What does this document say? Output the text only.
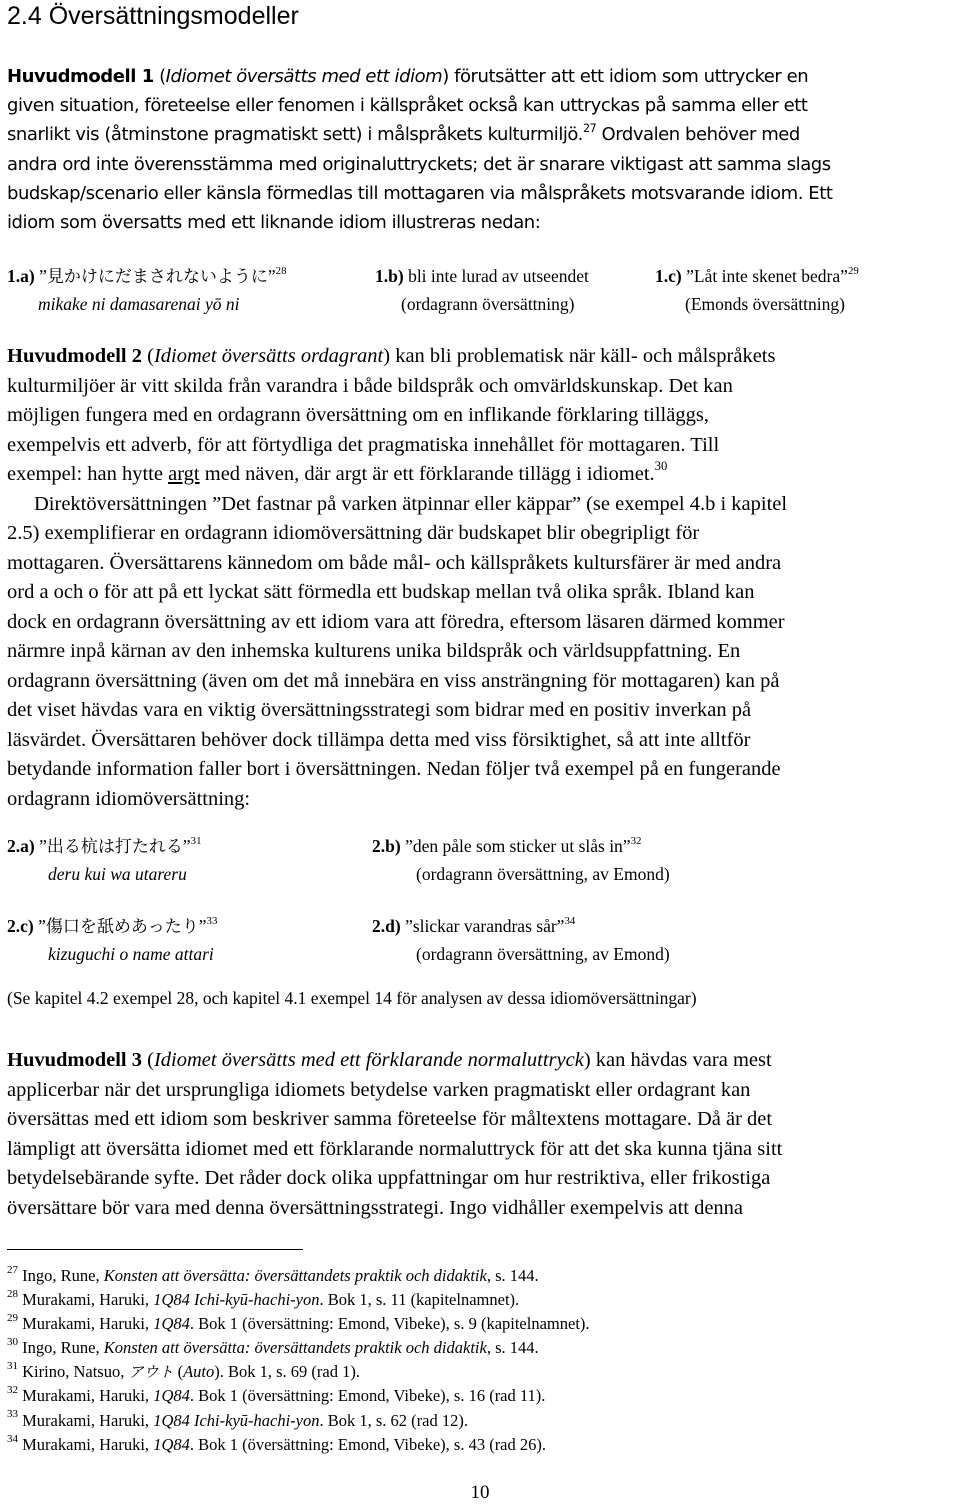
2.4 Översättningsmodeller

Huvudmodell 1 (Idiomet översätts med ett idiom) förutsätter att ett idiom som uttrycker en

given situation, företeelse eller fenomen i källspråket också kan uttryckas på samma eller ett

snarlikt vis (åtminstone pragmatiskt sett) i målspråkets kulturmiljö.$^{27}$ Ordvalen behöver med

andra ord inte överensstämma med originaluttryckets; det är snarare viktigast att samma slags

budskap/scenario eller känsla förmedlas till mottagaren via målspråkets motsvarande idiom. Ett

idiom som översatts med ett liknande idiom illustreras nedan:

1.a) ”見かけにだまされないように”$^{28}$
mikake ni damasarenai yō ni
1.b) bli inte lurad av utseendet
(ordagrann översättning)
1.c) ”Låt inte skenet bedra”$^{29}$
(Emonds översättning)

Huvudmodell 2 (Idiomet översätts ordagrant) kan bli problematisk när käll- och målspråkets

kulturmiljöer är vitt skilda från varandra i både bildspråk och omvärldskunskap. Det kan

möjligen fungera med en ordagrann översättning om en inflikande förklaring tilläggs,

exempelvis ett adverb, för att förtydliga det pragmatiska innehållet för mottagaren. Till

exempel: han hytte argt med näven, där argt är ett förklarande tillägg i idiomet.$^{30}$

Direktöversättningen ”Det fastnar på varken ätpinnar eller käppar” (se exempel 4.b i kapitel

2.5) exemplifierar en ordagrann idiomöversättning där budskapet blir obegripligt för

mottagaren. Översättarens kännedom om både mål- och källspråkets kultursfärer är med andra

ord a och o för att på ett lyckat sätt förmedla ett budskap mellan två olika språk. Ibland kan

dock en ordagrann översättning av ett idiom vara att föredra, eftersom läsaren därmed kommer

närmre inpå kärnan av den inhemska kulturens unika bildspråk och världsuppfattning. En

ordagrann översättning (även om det må innebära en viss ansträngning för mottagaren) kan på

det viset hävdas vara en viktig översättningsstrategi som bidrar med en positiv inverkan på

läsvärdet. Översättaren behöver dock tillämpa detta med viss försiktighet, så att inte alltför

betydande information faller bort i översättningen. Nedan följer två exempel på en fungerande

ordagrann idiomöversättning:

2.a) ”出る杭は打たれる”$^{31}$
deru kui wa utareru
2.b) ”den påle som sticker ut slås in”$^{32}$
(ordagrann översättning, av Emond)
2.c) ”傷口を舐めあったり”$^{33}$
kizuguchi o name attari
2.d) ”slickar varandras sår”$^{34}$
(ordagrann översättning, av Emond)
(Se kapitel 4.2 exempel 28, och kapitel 4.1 exempel 14 för analysen av dessa idiomöversättningar)

Huvudmodell 3 (Idiomet översätts med ett förklarande normaluttryck) kan hävdas vara mest

applicerbar när det ursprungliga idiomets betydelse varken pragmatiskt eller ordagrant kan

översättas med ett idiom som beskriver samma företeelse för måltextens mottagare. Då är det

lämpligt att översätta idiomet med ett förklarande normaluttryck för att det ska kunna tjäna sitt

betydelsebärande syfte. Det råder dock olika uppfattningar om hur restriktiva, eller frikostiga

översättare bör vara med denna översättningsstrategi. Ingo vidhåller exempelvis att denna

$^{27}$ Ingo, Rune, Konsten att översätta: översättandets praktik och didaktik, s. 144.
$^{28}$ Murakami, Haruki, 1Q84 Ichi-kyū-hachi-yon. Bok 1, s. 11 (kapitelnamnet).
$^{29}$ Murakami, Haruki, 1Q84. Bok 1 (översättning: Emond, Vibeke), s. 9 (kapitelnamnet).
$^{30}$ Ingo, Rune, Konsten att översätta: översättandets praktik och didaktik, s. 144.
$^{31}$ Kirino, Natsuo, アウト (Auto). Bok 1, s. 69 (rad 1).
$^{32}$ Murakami, Haruki, 1Q84. Bok 1 (översättning: Emond, Vibeke), s. 16 (rad 11).
$^{33}$ Murakami, Haruki, 1Q84 Ichi-kyū-hachi-yon. Bok 1, s. 62 (rad 12).
$^{34}$ Murakami, Haruki, 1Q84. Bok 1 (översättning: Emond, Vibeke), s. 43 (rad 26).
10
